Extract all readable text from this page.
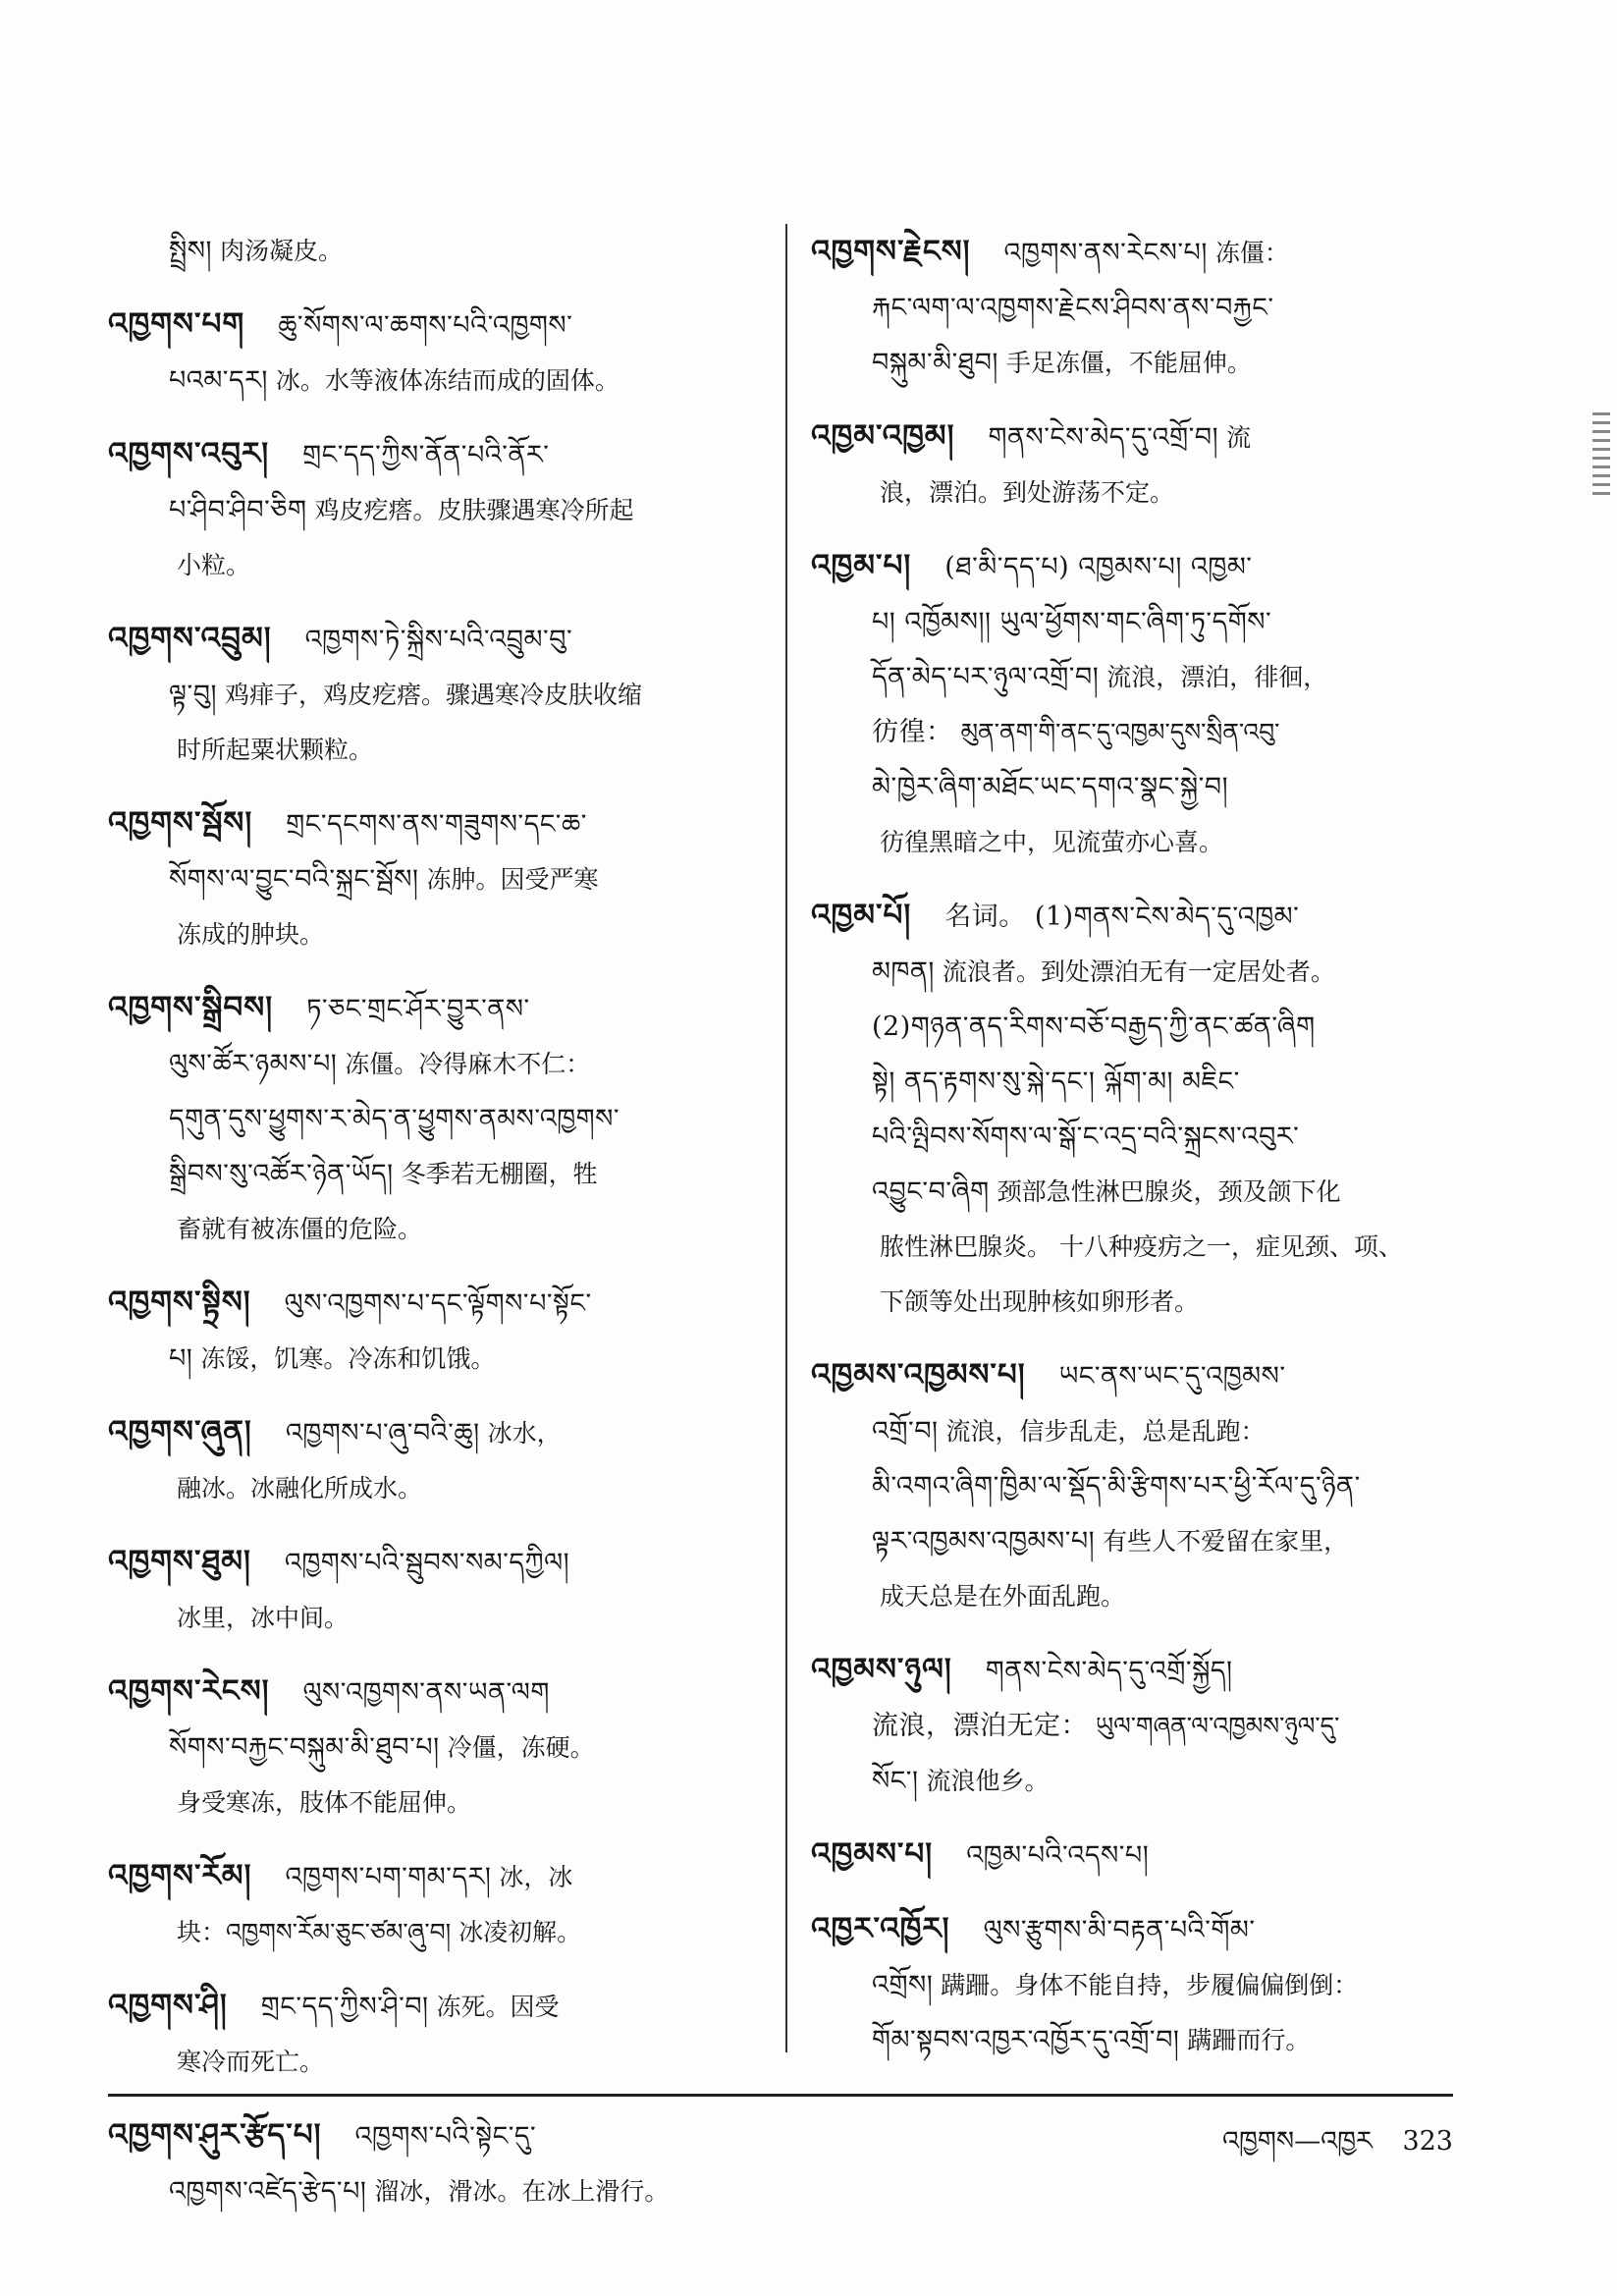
སྤྲིས། 肉汤凝皮。
འཁྱགས་པག ཆུ་སོགས་ལ་ཆགས་པའི་འཁྱགས་
པའམ་དར། 冰。水等液体冻结而成的固体。
འཁྱགས་འབུར། གྲང་དད་ཀྱིས་ནོན་པའི་ནོར་
པ་ཤིབ་ཤིབ་ཅིག 鸡皮疙瘩。皮肤骤遇寒冷所起
小粒。
འཁྱགས་འབྲུམ། འཁྱགས་ཏེ་སྐྲིས་པའི་འབྲུམ་བུ་
ལྟ་བུ། 鸡痱子，鸡皮疙瘩。骤遇寒冷皮肤收缩
时所起粟状颗粒。
འཁྱགས་སྦོས། གྲང་དངགས་ནས་གཟུགས་དང་ཆ་
སོགས་ལ་བྱུང་བའི་སྐྲང་སྦོས། 冻肿。因受严寒
冻成的肿块。
འཁྱགས་སྒྲིབས། ཏ་ཅང་གྲང་ཤོར་བྱུར་ནས་
ལུས་ཚོར་ཉམས་པ། 冻僵。冷得麻木不仁：
དགུན་དུས་ཕྱུགས་ར་མེད་ན་ཕྱུགས་ནམས་འཁྱགས་
སྒྲིབས་སུ་འཚོར་ཉེན་ཡོད། 冬季若无棚圈，牲
畜就有被冻僵的危险。
འཁྱགས་སྟྲིས། ལུས་འཁྱགས་པ་དང་ལྟོགས་པ་སྟོང་
པ། 冻馁，饥寒。冷冻和饥饿。
འཁྱགས་ཞུན། འཁྱགས་པ་ཞུ་བའི་ཆུ། 冰水，
融冰。冰融化所成水。
འཁྱགས་ཐུམ། འཁྱགས་པའི་སྦུབས་སམ་དཀྱིལ།
冰里，冰中间。
འཁྱགས་རེངས། ལུས་འཁྱགས་ནས་ཡན་ལག
སོགས་བརྐྱང་བསྐུམ་མི་ཐུབ་པ། 冷僵，冻硬。
身受寒冻，肢体不能屈伸。
འཁྱགས་རོམ། འཁྱགས་པག་གམ་དར། 冰，冰
块：འཁྱགས་རོམ་ཅུང་ཙམ་ཞུ་བ། 冰凌初解。
འཁྱགས་ཤི། གྲང་དད་ཀྱིས་ཤི་བ། 冻死。因受
寒冷而死亡。
འཁྱགས་ཤུར་རྩོད་པ། འཁྱགས་པའི་སྟེང་དུ་
འཁྱགས་འཛེད་རྩེད་པ། 溜冰，滑冰。在冰上滑行。
འཁྱགས་རྗེངས། འཁྱགས་ནས་རེངས་པ། 冻僵：
རྐང་ལག་ལ་འཁྱགས་རྗེངས་ཤིབས་ནས་བརྐྱང་
བསྐུམ་མི་ཐུབ། 手足冻僵，不能屈伸。
འཁྱམ་འཁྱམ། གནས་ངེས་མེད་དུ་འགྲོ་བ། 流
浪，漂泊。到处游荡不定。
འཁྱམ་པ། (ཐ་མི་དད་པ) འཁྱམས་པ། འཁྱམ་
པ། འཁྱོམས།། ཡུལ་ཕྱོགས་གང་ཞིག་ཏུ་དགོས་
དོན་མེད་པར་ཉུལ་འགྲོ་བ། 流浪，漂泊，徘徊，
彷徨： མུན་ནག་གི་ནང་དུ་འཁྱམ་དུས་སྲིན་འབུ་
མེ་ཁྱེར་ཞིག་མཐོང་ཡང་དགའ་སྣང་སྐྱེ་བ།
彷徨黑暗之中，见流萤亦心喜。
འཁྱམ་པོ། 名词。 (1)གནས་ངེས་མེད་དུ་འཁྱམ་
མཁན། 流浪者。到处漂泊无有一定居处者。
(2)གཉན་ནད་རིགས་བཅོ་བརྒྱད་ཀྱི་ནང་ཚན་ཞིག
སྟེ། ནད་རྟགས་སུ་སྐེ་དང་། ལྐོག་མ། མཇིང་
པའི་ལྤིབས་སོགས་ལ་སྒོ་ང་འདྲ་བའི་སྐྲངས་འབུར་
འབྱུང་བ་ཞིག 颈部急性淋巴腺炎，颈及颌下化
脓性淋巴腺炎。 十八种疫疠之一，症见颈、项、
下颌等处出现肿核如卵形者。
འཁྱམས་འཁྱམས་པ། ཡང་ནས་ཡང་དུ་འཁྱམས་
འགྲོ་བ། 流浪，信步乱走，总是乱跑：
མི་འགའ་ཞིག་ཁྱིམ་ལ་སྡོད་མི་རྩིགས་པར་ཕྱི་རོལ་དུ་ཉིན་
ལྟར་འཁྱམས་འཁྱམས་པ། 有些人不爱留在家里，
成天总是在外面乱跑。
འཁྱམས་ཉུལ། གནས་ངེས་མེད་དུ་འགྲོ་སྐྱོད།
流浪，漂泊无定： ཡུལ་གཞན་ལ་འཁྱམས་ཉུལ་དུ་
སོང་། 流浪他乡。
འཁྱམས་པ། འཁྱམ་པའི་འདས་པ།
འཁྱར་འཁྱོར། ལུས་རྩུགས་མི་བརྟན་པའི་གོམ་
འགྲོས། 蹒跚。身体不能自持，步履偏偏倒倒：
གོམ་སྟབས་འཁྱར་འཁྱོར་དུ་འགྲོ་བ། 蹒跚而行。
འཁྱགས—འཁྱར 323
